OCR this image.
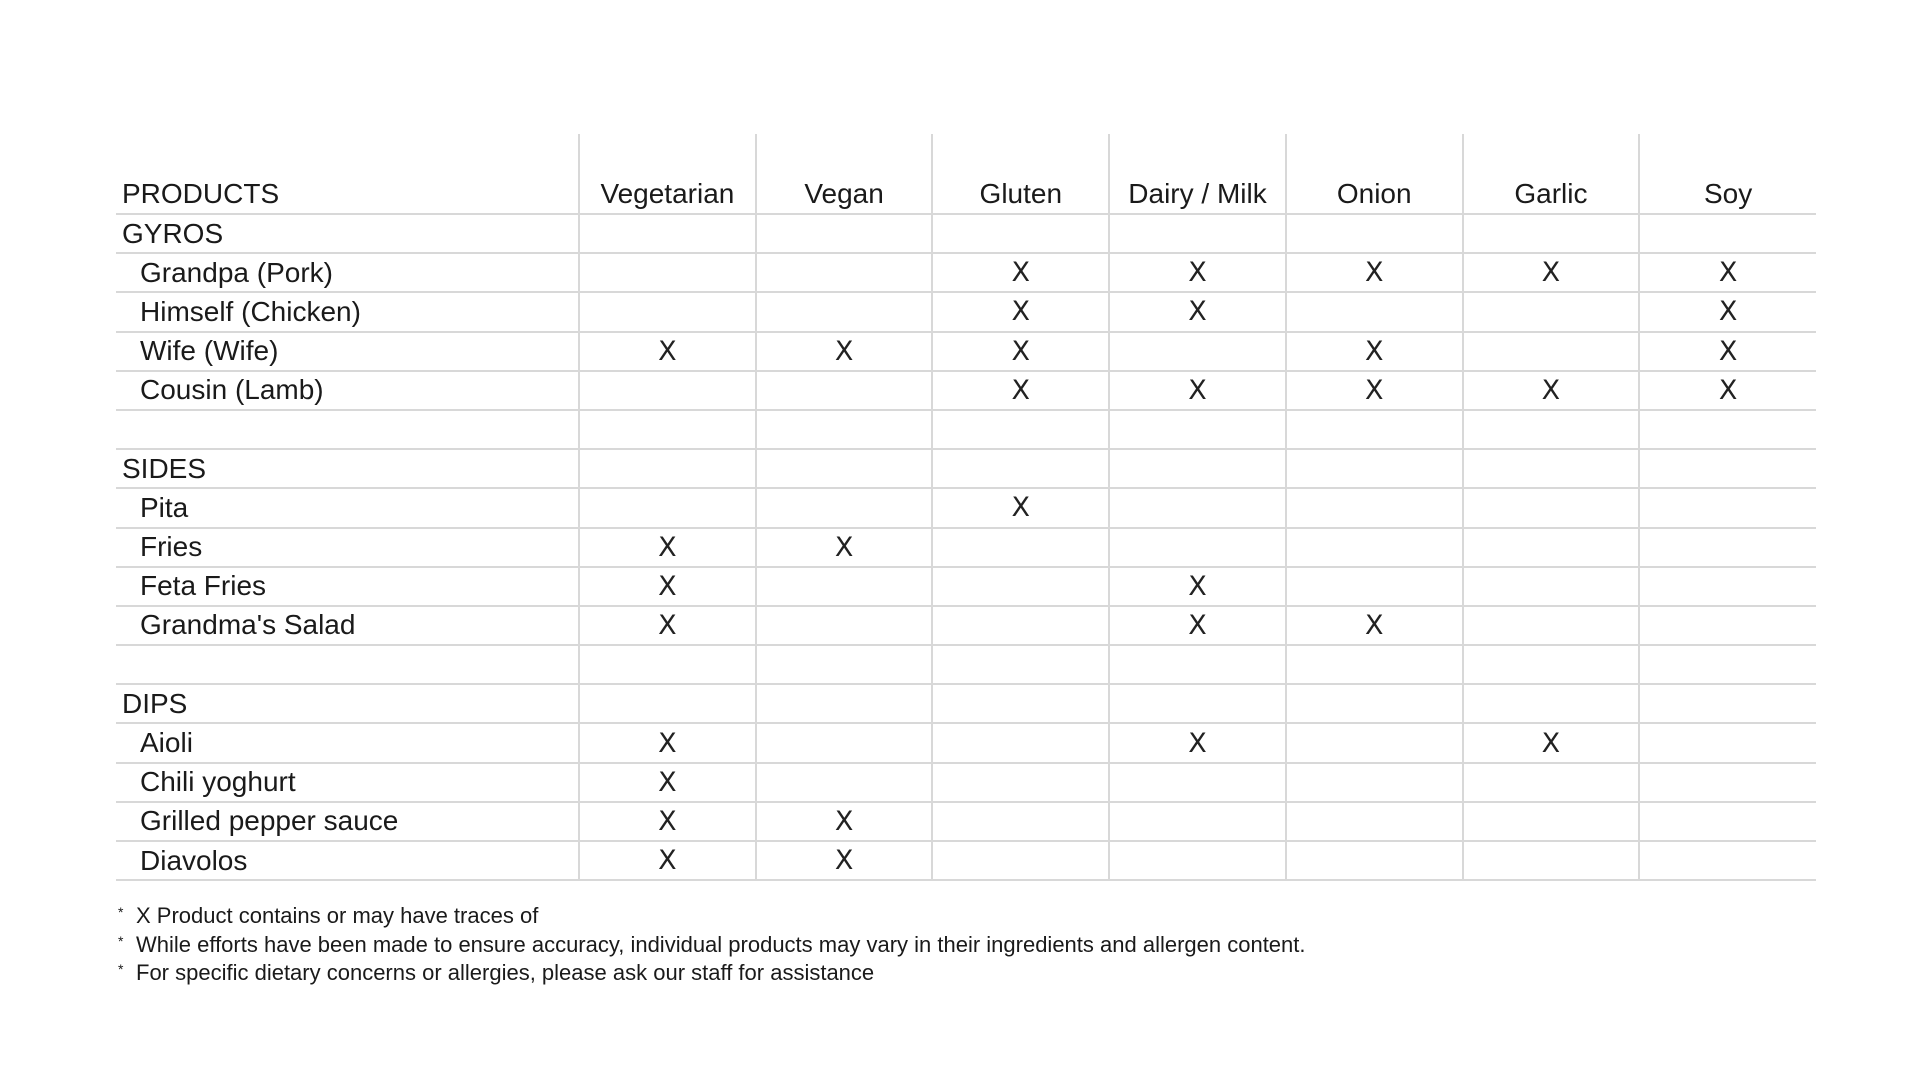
PRODUCTS	Vegetarian	Vegan	Gluten	Dairy / Milk	Onion	Garlic	Soy
GYROS							
Grandpa (Pork)			X	X	X	X	X
Himself (Chicken)			X	X			X
Wife (Wife)	X	X	X		X		X
Cousin (Lamb)			X	X	X	X	X

SIDES							
Pita			X				
Fries	X	X					
Feta Fries	X			X			
Grandma's Salad	X			X	X		

DIPS							
Aioli	X			X		X	
Chili yoghurt	X						
Grilled pepper sauce	X	X					
Diavolos	X	X					
* X Product contains or may have traces of
* While efforts have been made to ensure accuracy, individual products may vary in their ingredients and allergen content.
* For specific dietary concerns or allergies, please ask our staff for assistance
